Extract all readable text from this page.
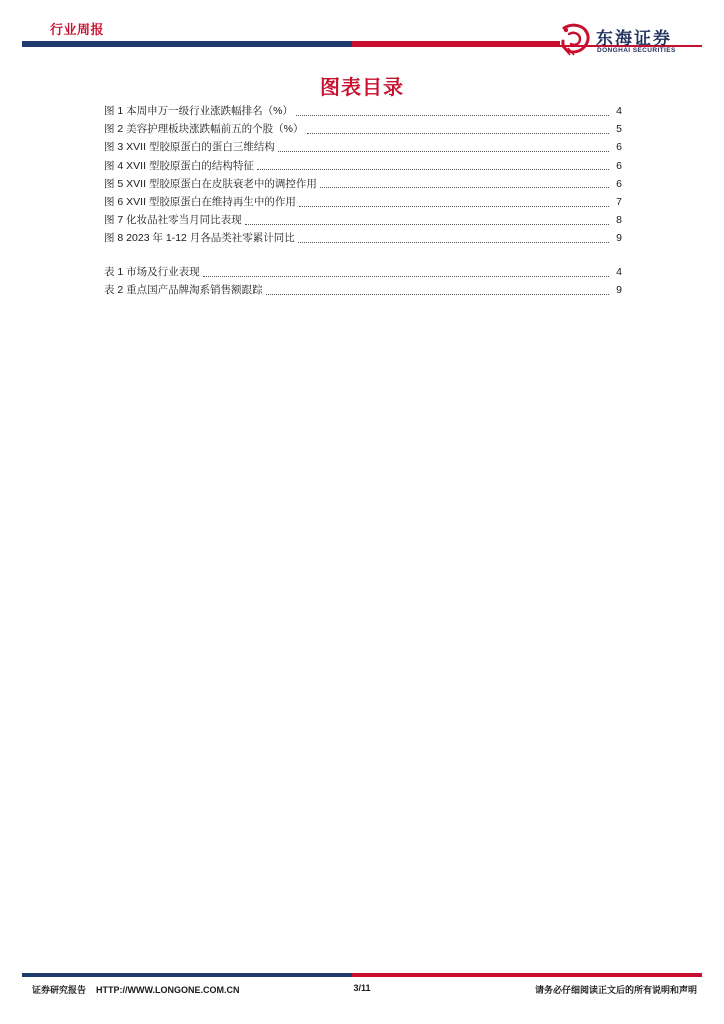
行业周报	东海证券
DONGHAI SECURITIES
图表目录
图 1 本周申万一级行业涨跌幅排名（%）	4
图 2 美容护理板块涨跌幅前五的个股（%）	5
图 3 XVII 型胶原蛋白的蛋白三维结构	6
图 4 XVII 型胶原蛋白的结构特征	6
图 5 XVII 型胶原蛋白在皮肤衰老中的调控作用	6
图 6 XVII 型胶原蛋白在维持再生中的作用	7
图 7 化妆品社零当月同比表现	8
图 8 2023 年 1-12 月各品类社零累计同比	9
表 1 市场及行业表现	4
表 2 重点国产品牌淘系销售额跟踪	9
证券研究报告 HTTP://WWW.LONGONE.COM.CN	3/11	请务必仔细阅读正文后的所有说明和声明
